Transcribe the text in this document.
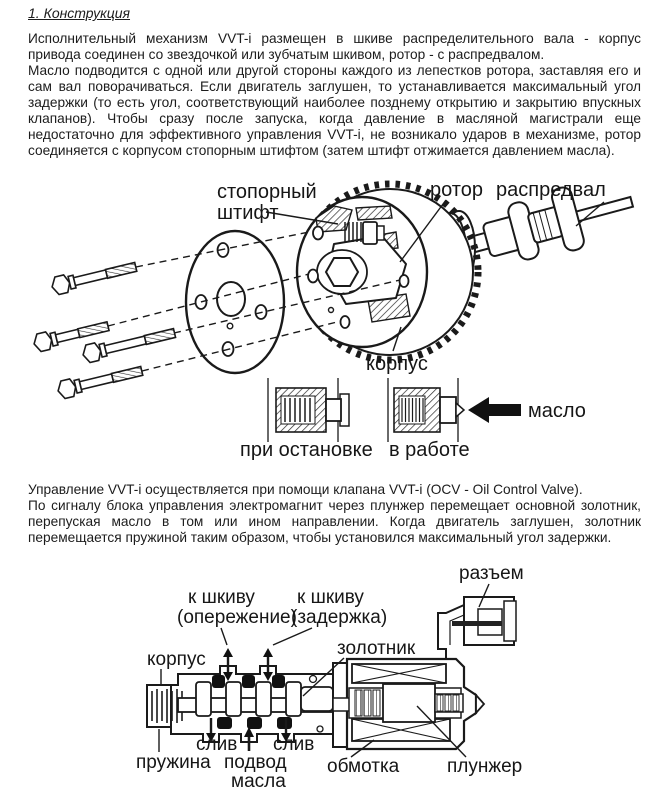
1. Конструкция

Исполнительный механизм VVT-i размещен в шкиве распределительного вала - корпус привода соединен со звездочкой или зубчатым шкивом, ротор - с распредвалом.

Масло подводится с одной или другой стороны каждого из лепестков ротора, заставляя его и сам вал поворачиваться. Если двигатель заглушен, то устанавливается максимальный угол задержки (то есть угол, соответствующий наиболее позднему открытию и закрытию впускных клапанов). Чтобы сразу после запуска, когда давление в масляной магистрали еще недостаточно для эффективного управления VVT-i, не возникало ударов в механизме, ротор соединяется с корпусом стопорным штифтом (затем штифт отжимается давлением масла).

стопорный
штифт
ротор распредвал
корпус
при остановке в работе
масло

Управление VVT-i осуществляется при помощи клапана VVT-i (OCV - Oil Control Valve).

По сигналу блока управления электромагнит через плунжер перемещает основной золотник, перепуская масло в том или ином направлении. Когда двигатель заглушен, золотник перемещается пружиной таким образом, чтобы установился максимальный угол задержки.

разъем
к шкиву
(опережение)
к шкиву
(задержка)
золотник
корпус
слив слив
подвод
масла
пружина	обмотка	плунжер
